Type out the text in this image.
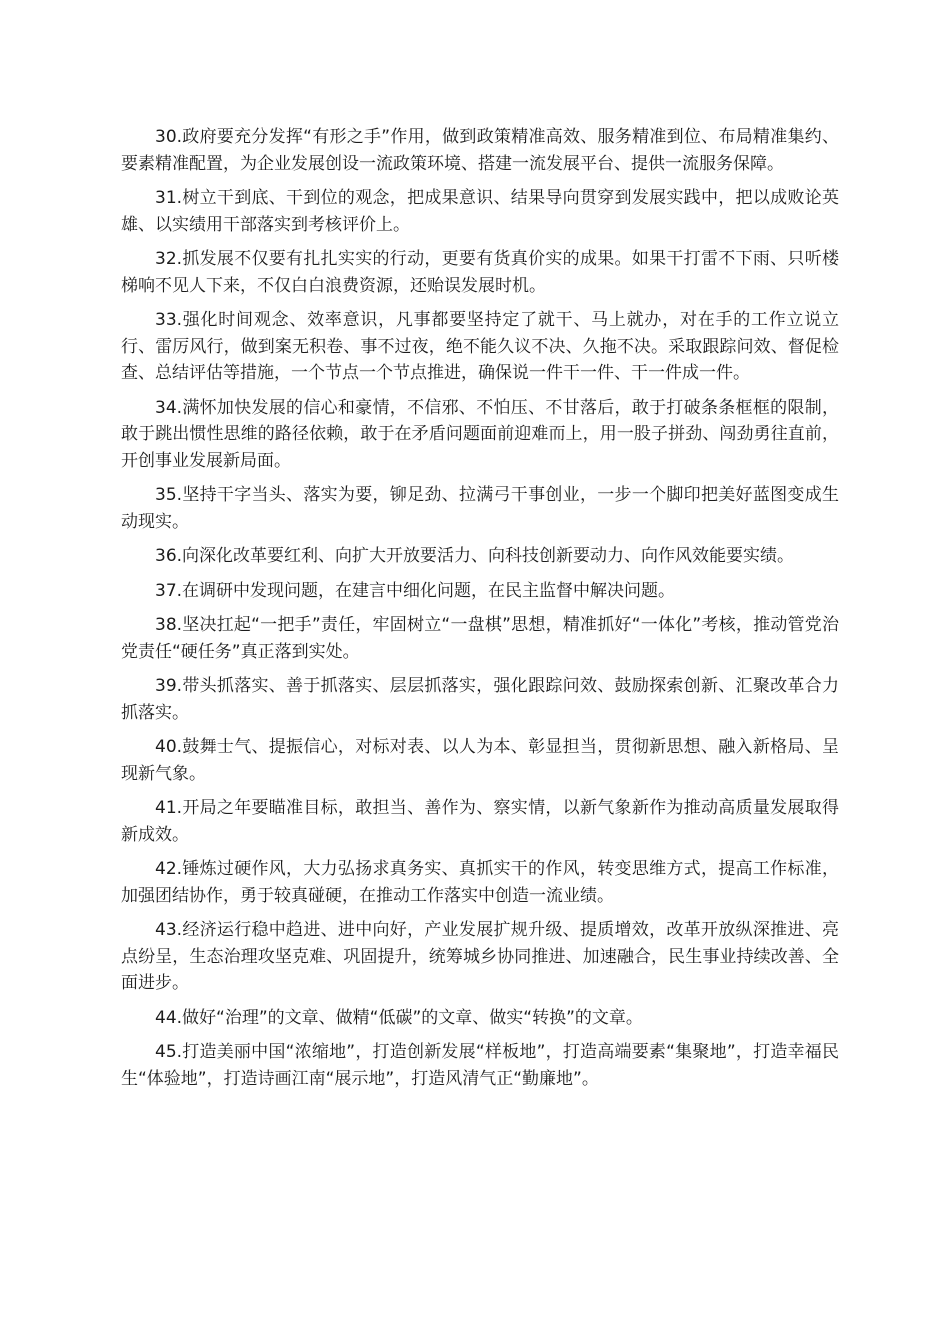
30.政府要充分发挥“有形之手”作用，做到政策精准高效、服务精准到位、布局精准集约、要素精准配置，为企业发展创设一流政策环境、搭建一流发展平台、提供一流服务保障。

31.树立干到底、干到位的观念，把成果意识、结果导向贯穿到发展实践中，把以成败论英雄、以实绩用干部落实到考核评价上。

32.抓发展不仅要有扎扎实实的行动，更要有货真价实的成果。如果干打雷不下雨、只听楼梯响不见人下来，不仅白白浪费资源，还贻误发展时机。

33.强化时间观念、效率意识，凡事都要坚持定了就干、马上就办，对在手的工作立说立行、雷厉风行，做到案无积卷、事不过夜，绝不能久议不决、久拖不决。采取跟踪问效、督促检查、总结评估等措施，一个节点一个节点推进，确保说一件干一件、干一件成一件。

34.满怀加快发展的信心和豪情，不信邪、不怕压、不甘落后，敢于打破条条框框的限制，敢于跳出惯性思维的路径依赖，敢于在矛盾问题面前迎难而上，用一股子拼劲、闯劲勇往直前，开创事业发展新局面。

35.坚持干字当头、落实为要，铆足劲、拉满弓干事创业，一步一个脚印把美好蓝图变成生动现实。

36.向深化改革要红利、向扩大开放要活力、向科技创新要动力、向作风效能要实绩。

37.在调研中发现问题，在建言中细化问题，在民主监督中解决问题。

38.坚决扛起“一把手”责任，牢固树立“一盘棋”思想，精准抓好“一体化”考核，推动管党治党责任“硬任务”真正落到实处。

39.带头抓落实、善于抓落实、层层抓落实，强化跟踪问效、鼓励探索创新、汇聚改革合力抓落实。

40.鼓舞士气、提振信心，对标对表、以人为本、彰显担当，贯彻新思想、融入新格局、呈现新气象。

41.开局之年要瞄准目标，敢担当、善作为、察实情，以新气象新作为推动高质量发展取得新成效。

42.锤炼过硬作风，大力弘扬求真务实、真抓实干的作风，转变思维方式，提高工作标准，加强团结协作，勇于较真碰硬，在推动工作落实中创造一流业绩。

43.经济运行稳中趋进、进中向好，产业发展扩规升级、提质增效，改革开放纵深推进、亮点纷呈，生态治理攻坚克难、巩固提升，统筹城乡协同推进、加速融合，民生事业持续改善、全面进步。

44.做好“治理”的文章、做精“低碳”的文章、做实“转换”的文章。

45.打造美丽中国“浓缩地”，打造创新发展“样板地”，打造高端要素“集聚地”，打造幸福民生“体验地”，打造诗画江南“展示地”，打造风清气正“勤廉地”。
